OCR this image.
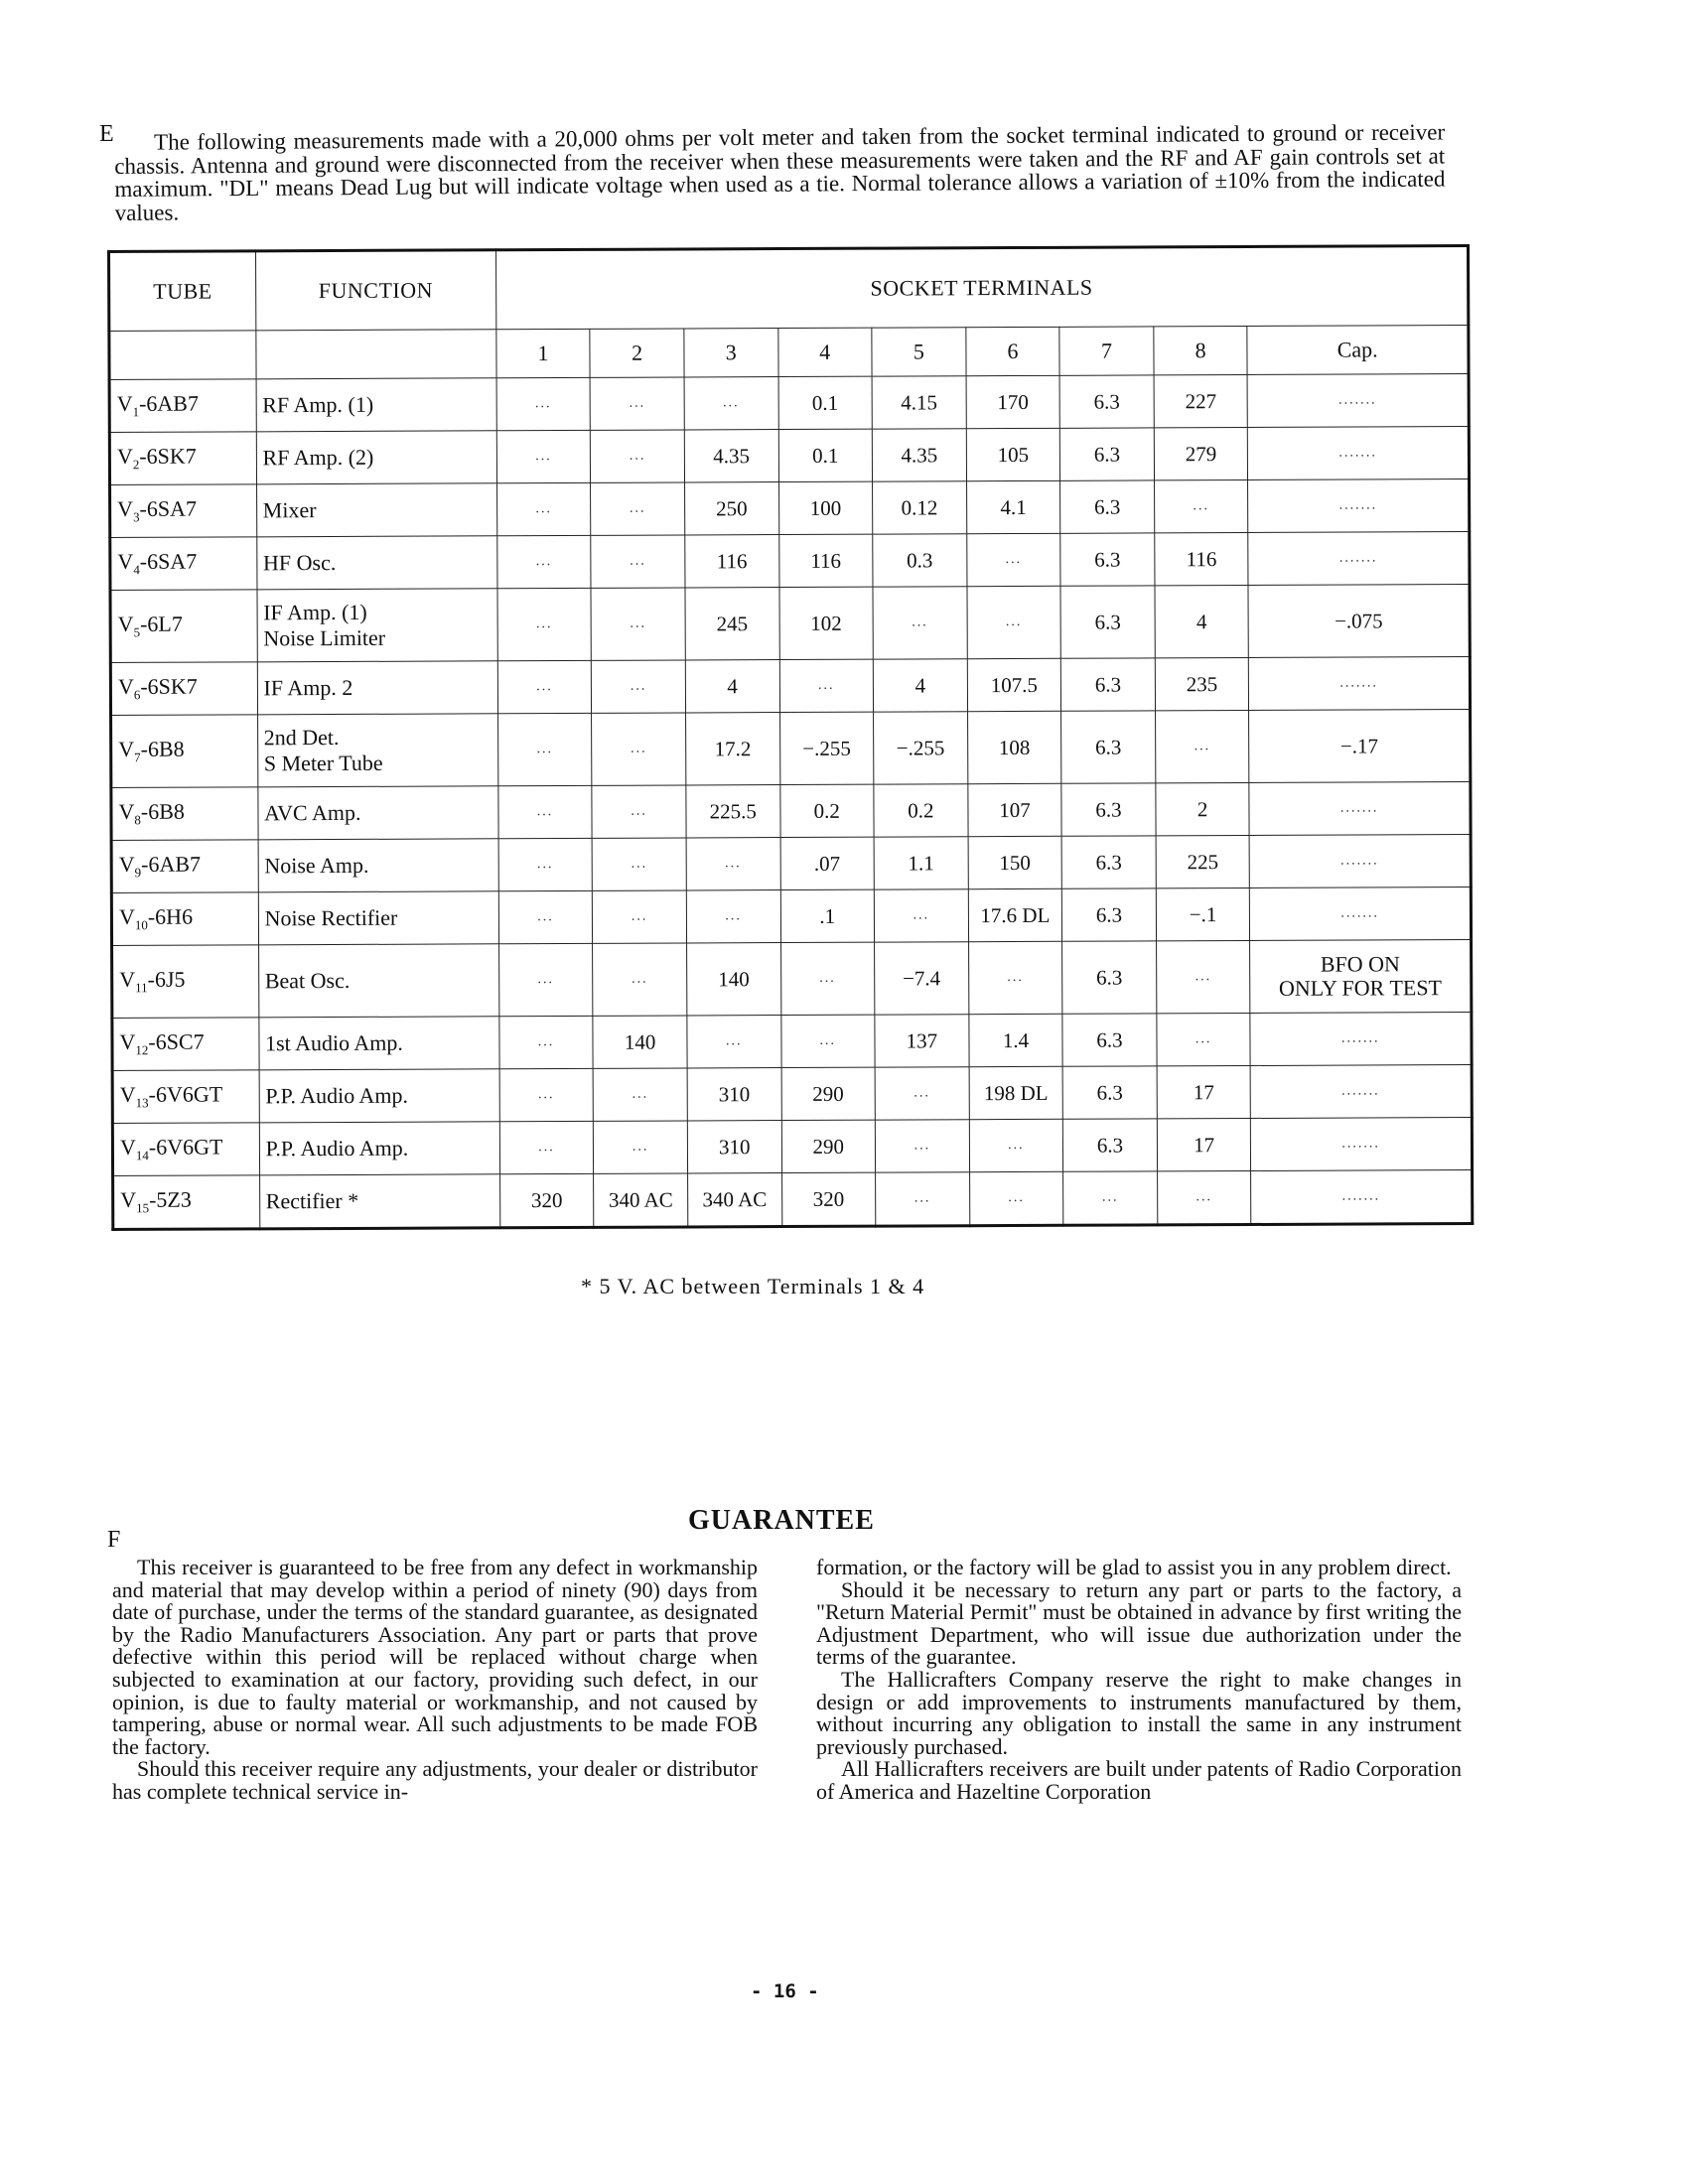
E	The following measurements made with a 20,000 ohms per volt meter and taken from the socket terminal indicated to ground or receiver chassis. Antenna and ground were disconnected from the receiver when these measurements were taken and the RF and AF gain controls set at maximum. "DL" means Dead Lug but will indicate voltage when used as a tie. Normal tolerance allows a variation of ±10% from the indicated values.

TUBE	FUNCTION	SOCKET TERMINALS								
		1	2	3	4	5	6	7	8	Cap.
$V_1-6AB7$	RF Amp. (1)	...	...	...	0.1	4.15	170	6.3	227	.......

$V_2-6SK7$	RF Amp. (2)	...	...	4.35	0.1	4.35	105	6.3	279	.......

$V_3-6SA7$	Mixer	...	...	250	100	0.12	4.1	6.3	...	.......

$V_4-6SA7$	HF Osc.	...	...	116	116	0.3	...	6.3	116	.......

$V_5-6L7$	IF Amp. (1)
Noise Limiter	...	...	245	102	...	...	6.3	4	−.075

$V_6-6SK7$	IF Amp. 2	...	...	4	...	4	107.5	6.3	235	.......

$V_7-6B8$	2nd Det.
S Meter Tube	...	...	17.2	−.255	−.255	108	6.3	...	−.17

$V_8-6B8$	AVC Amp.	...	...	225.5	0.2	0.2	107	6.3	2	.......

$V_9-6AB7$	Noise Amp.	...	...	...	.07	1.1	150	6.3	225	.......

$V_{10}-6H6$	Noise Rectifier	...	...	...	.1	...	17.6 DL	6.3	−.1	.......

$V_{11}-6J5$	Beat Osc.	...	...	140	...	−7.4	...	6.3	...	BFO ON
ONLY FOR TEST

$V_{12}-6SC7$	1st Audio Amp.	...	140	...	...	137	1.4	6.3	...	.......

$V_{13}-6V6GT$	P.P. Audio Amp.	...	...	310	290	...	198 DL	6.3	17	.......

$V_{14}-6V6GT$	P.P. Audio Amp.	...	...	310	290	...	...	6.3	17	.......

$V_{15}-5Z3$	Rectifier *	320	340 AC	340 AC	320	...	...	...	...	.......
* 5 V. AC between Terminals 1 & 4
F
GUARANTEE

This receiver is guaranteed to be free from any defect in workmanship and material that may develop within a period of ninety (90) days from date of purchase, under the terms of the standard guarantee, as designated by the Radio Manufacturers Association. Any part or parts that prove defective within this period will be replaced without charge when subjected to examination at our factory, providing such defect, in our opinion, is due to faulty material or workmanship, and not caused by tampering, abuse or normal wear. All such adjustments to be made FOB the factory.

Should this receiver require any adjustments, your dealer or distributor has complete technical service in-

formation, or the factory will be glad to assist you in any problem direct.

Should it be necessary to return any part or parts to the factory, a "Return Material Permit" must be obtained in advance by first writing the Adjustment Department, who will issue due authorization under the terms of the guarantee.

The Hallicrafters Company reserve the right to make changes in design or add improvements to instruments manufactured by them, without incurring any obligation to install the same in any instrument previously purchased.

All Hallicrafters receivers are built under patents of Radio Corporation of America and Hazeltine Corporation

- 16 -
